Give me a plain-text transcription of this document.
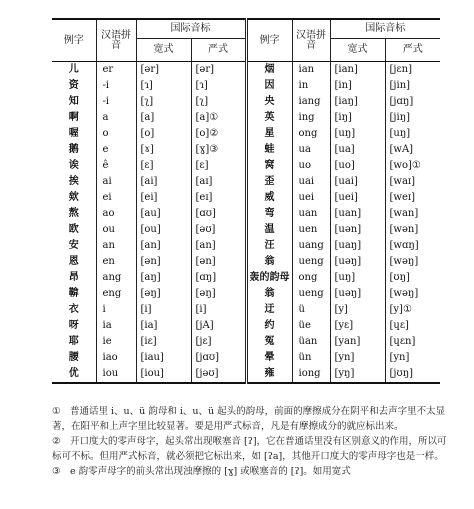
例字	汉语拼音	国际音标		例字	汉语拼音	国际音标	
		宽式	严式			宽式	严式
儿	er	[ər]	[ər]	烟	ian	[ian]	[jɛn]
资	-i	[ɿ]	[ɿ]	因	in	[in]	[jin]
知	-i	[ʅ]	[ʅ]	央	iang	[iaŋ]	[jɑŋ]
啊	a	[a]	[a]①	英	ing	[iŋ]	[jiŋ]
喔	o	[o]	[o]②	星	ong	[uŋ]	[uŋ]
鹅	e	[ɤ]	[ɣ]③	蛙	ua	[ua]	[wA]
诶	ê	[ɛ]	[ɛ]	窝	uo	[uo]	[wo]①
挨	ai	[ai]	[aɪ]	歪	uai	[uai]	[waɪ]
欸	ei	[ei]	[eɪ]	威	uei	[uei]	[weɪ]
熬	ao	[au]	[ɑʊ]	弯	uan	[uan]	[wan]
欧	ou	[ou]	[əʊ]	温	uen	[uən]	[wən]
安	an	[an]	[an]	汪	uang	[uaŋ]	[wɑŋ]
恩	en	[ən]	[ən]	翁	ueng	[uəŋ]	[wəŋ]
昂	ang	[aŋ]	[ɑŋ]	轰的韵母	ong	[uŋ]	[ʊŋ]
鞥	eng	[əŋ]	[əŋ]	翁	ueng	[uəŋ]	[wəŋ]
衣	i	[i]	[i]	迂	ü	[y]	[y]①
呀	ia	[ia]	[jA]	约	üe	[yɛ]	[ɥɛ]
耶	ie	[iɛ]	[jɛ]	冤	üan	[yan]	[ɥɛn]
腰	iao	[iau]	[jɑʊ]	晕	ün	[yn]	[yn]
优	iou	[iou]	[jəʊ]	雍	iong	[yŋ]	[jʊŋ]

① 普通话里 i、u、ü 韵母和 i、u、ü 起头的韵母，前面的摩擦成分在阴平和去声字里不太显著，在阳平和上声字里比较显著。要是用严式标音，凡是有摩擦成分的就应标出来。

② 开口度大的零声母字，起头常出现喉塞音 [ʔ]，它在普通话里没有区别意义的作用，所以可标可不标。但用严式标音，就必须把它标出来，如 [ʔa]，其他开口度大的零声母字也是一样。

③ e 韵零声母字的前头常出现浊摩擦的 [ɣ] 或喉塞音的 [ʔ]。如用宽式
